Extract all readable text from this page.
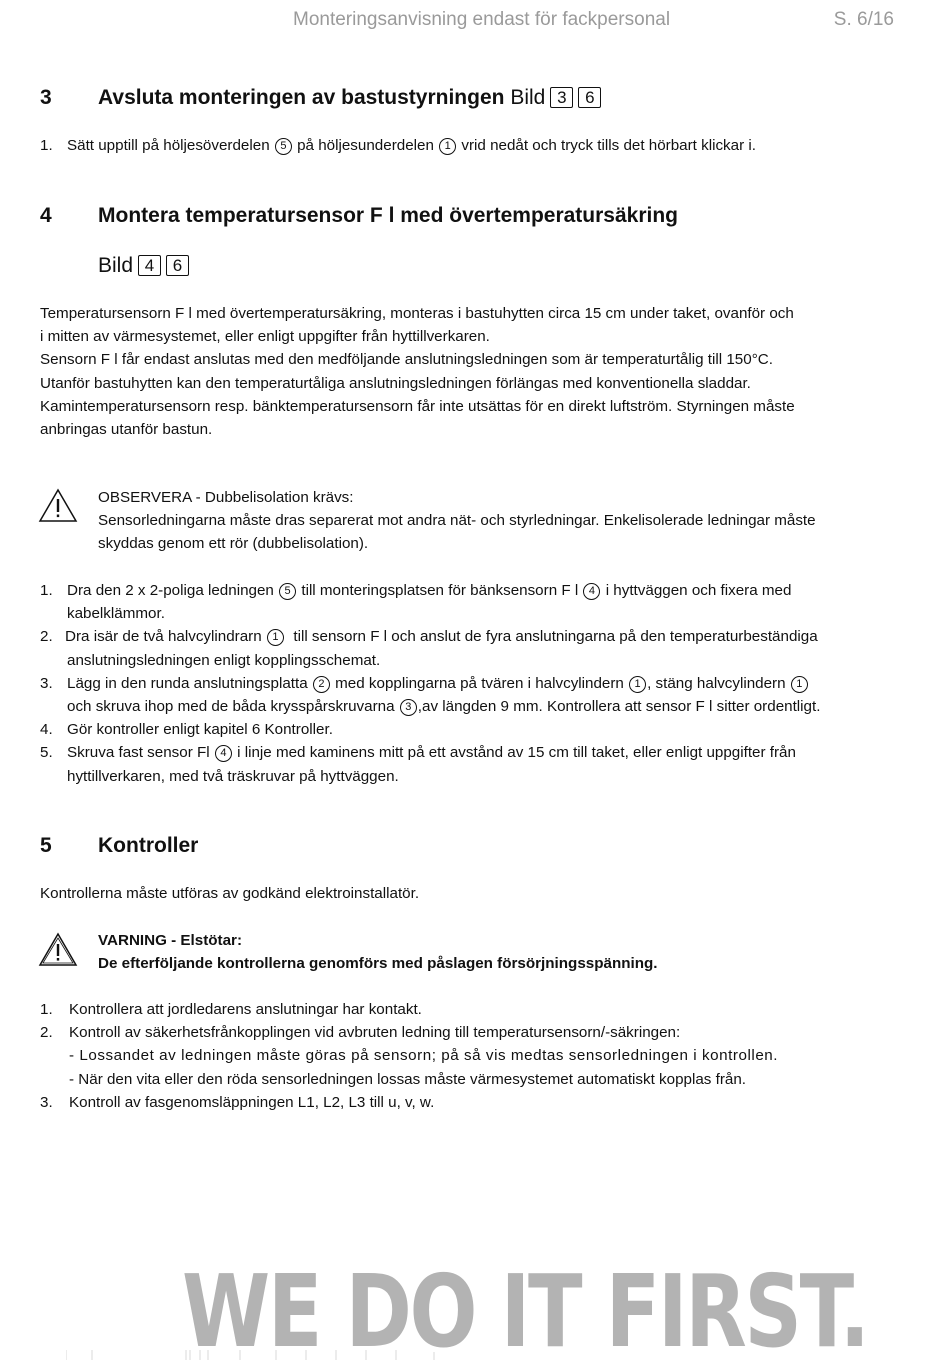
Monteringsanvisning endast för fackpersonal	S. 6/16
3 Avsluta monteringen av bastustyrningen Bild 3 6
1. Sätt upptill på höljesöverdelen 5 på höljesunderdelen 1 vrid nedåt och tryck tills det hörbart klickar i.
4 Montera temperatursensor F l med övertemperatursäkring
Bild 4 6
Temperatursensorn F l med övertemperatursäkring, monteras i bastuhytten circa 15 cm under taket, ovanför och
i mitten av värmesystemet, eller enligt uppgifter från hyttillverkaren.
Sensorn F l får endast anslutas med den medföljande anslutningsledningen som är temperaturtålig till 150°C.
Utanför bastuhytten kan den temperaturtåliga anslutningsledningen förlängas med konventionella sladdar.
Kamintemperatursensorn resp. bänktemperatursensorn får inte utsättas för en direkt luftström. Styrningen måste
anbringas utanför bastun.
OBSERVERA - Dubbelisolation krävs:
Sensorledningarna måste dras separerat mot andra nät- och styrledningar. Enkelisolerade ledningar måste
skyddas genom ett rör (dubbelisolation).
1. Dra den 2 x 2-poliga ledningen 5 till monteringsplatsen för bänksensorn F l 4 i hyttväggen och fixera med
kabelklämmor.
2. Dra isär de två halvcylindrarn 1 till sensorn F l och anslut de fyra anslutningarna på den temperaturbeständiga
anslutningsledningen enligt kopplingsschemat.
3. Lägg in den runda anslutningsplatta 2 med kopplingarna på tvären i halvcylindern 1 , stäng halvcylindern 1
och skruva ihop med de båda krysspårskruvarna 3 ,av längden 9 mm. Kontrollera att sensor F l sitter ordentligt.
4. Gör kontroller enligt kapitel 6 Kontroller.
5. Skruva fast sensor Fl 4 i linje med kaminens mitt på ett avstånd av 15 cm till taket, eller enligt uppgifter från
hyttillverkaren, med två träskruvar på hyttväggen.
5 Kontroller
Kontrollerna måste utföras av godkänd elektroinstallatör.
VARNING - Elstötar:
De efterföljande kontrollerna genomförs med påslagen försörjningsspänning.
1. Kontrollera att jordledarens anslutningar har kontakt.
2. Kontroll av säkerhetsfrånkopplingen vid avbruten ledning till temperatursensorn/-säkringen:
- Lossandet av ledningen måste göras på sensorn; på så vis medtas sensorledningen i kontrollen.
- När den vita eller den röda sensorledningen lossas måste värmesystemet automatiskt kopplas från.
3. Kontroll av fasgenomsläppningen L1, L2, L3 till u, v, w.
WE DO IT FIRST.
